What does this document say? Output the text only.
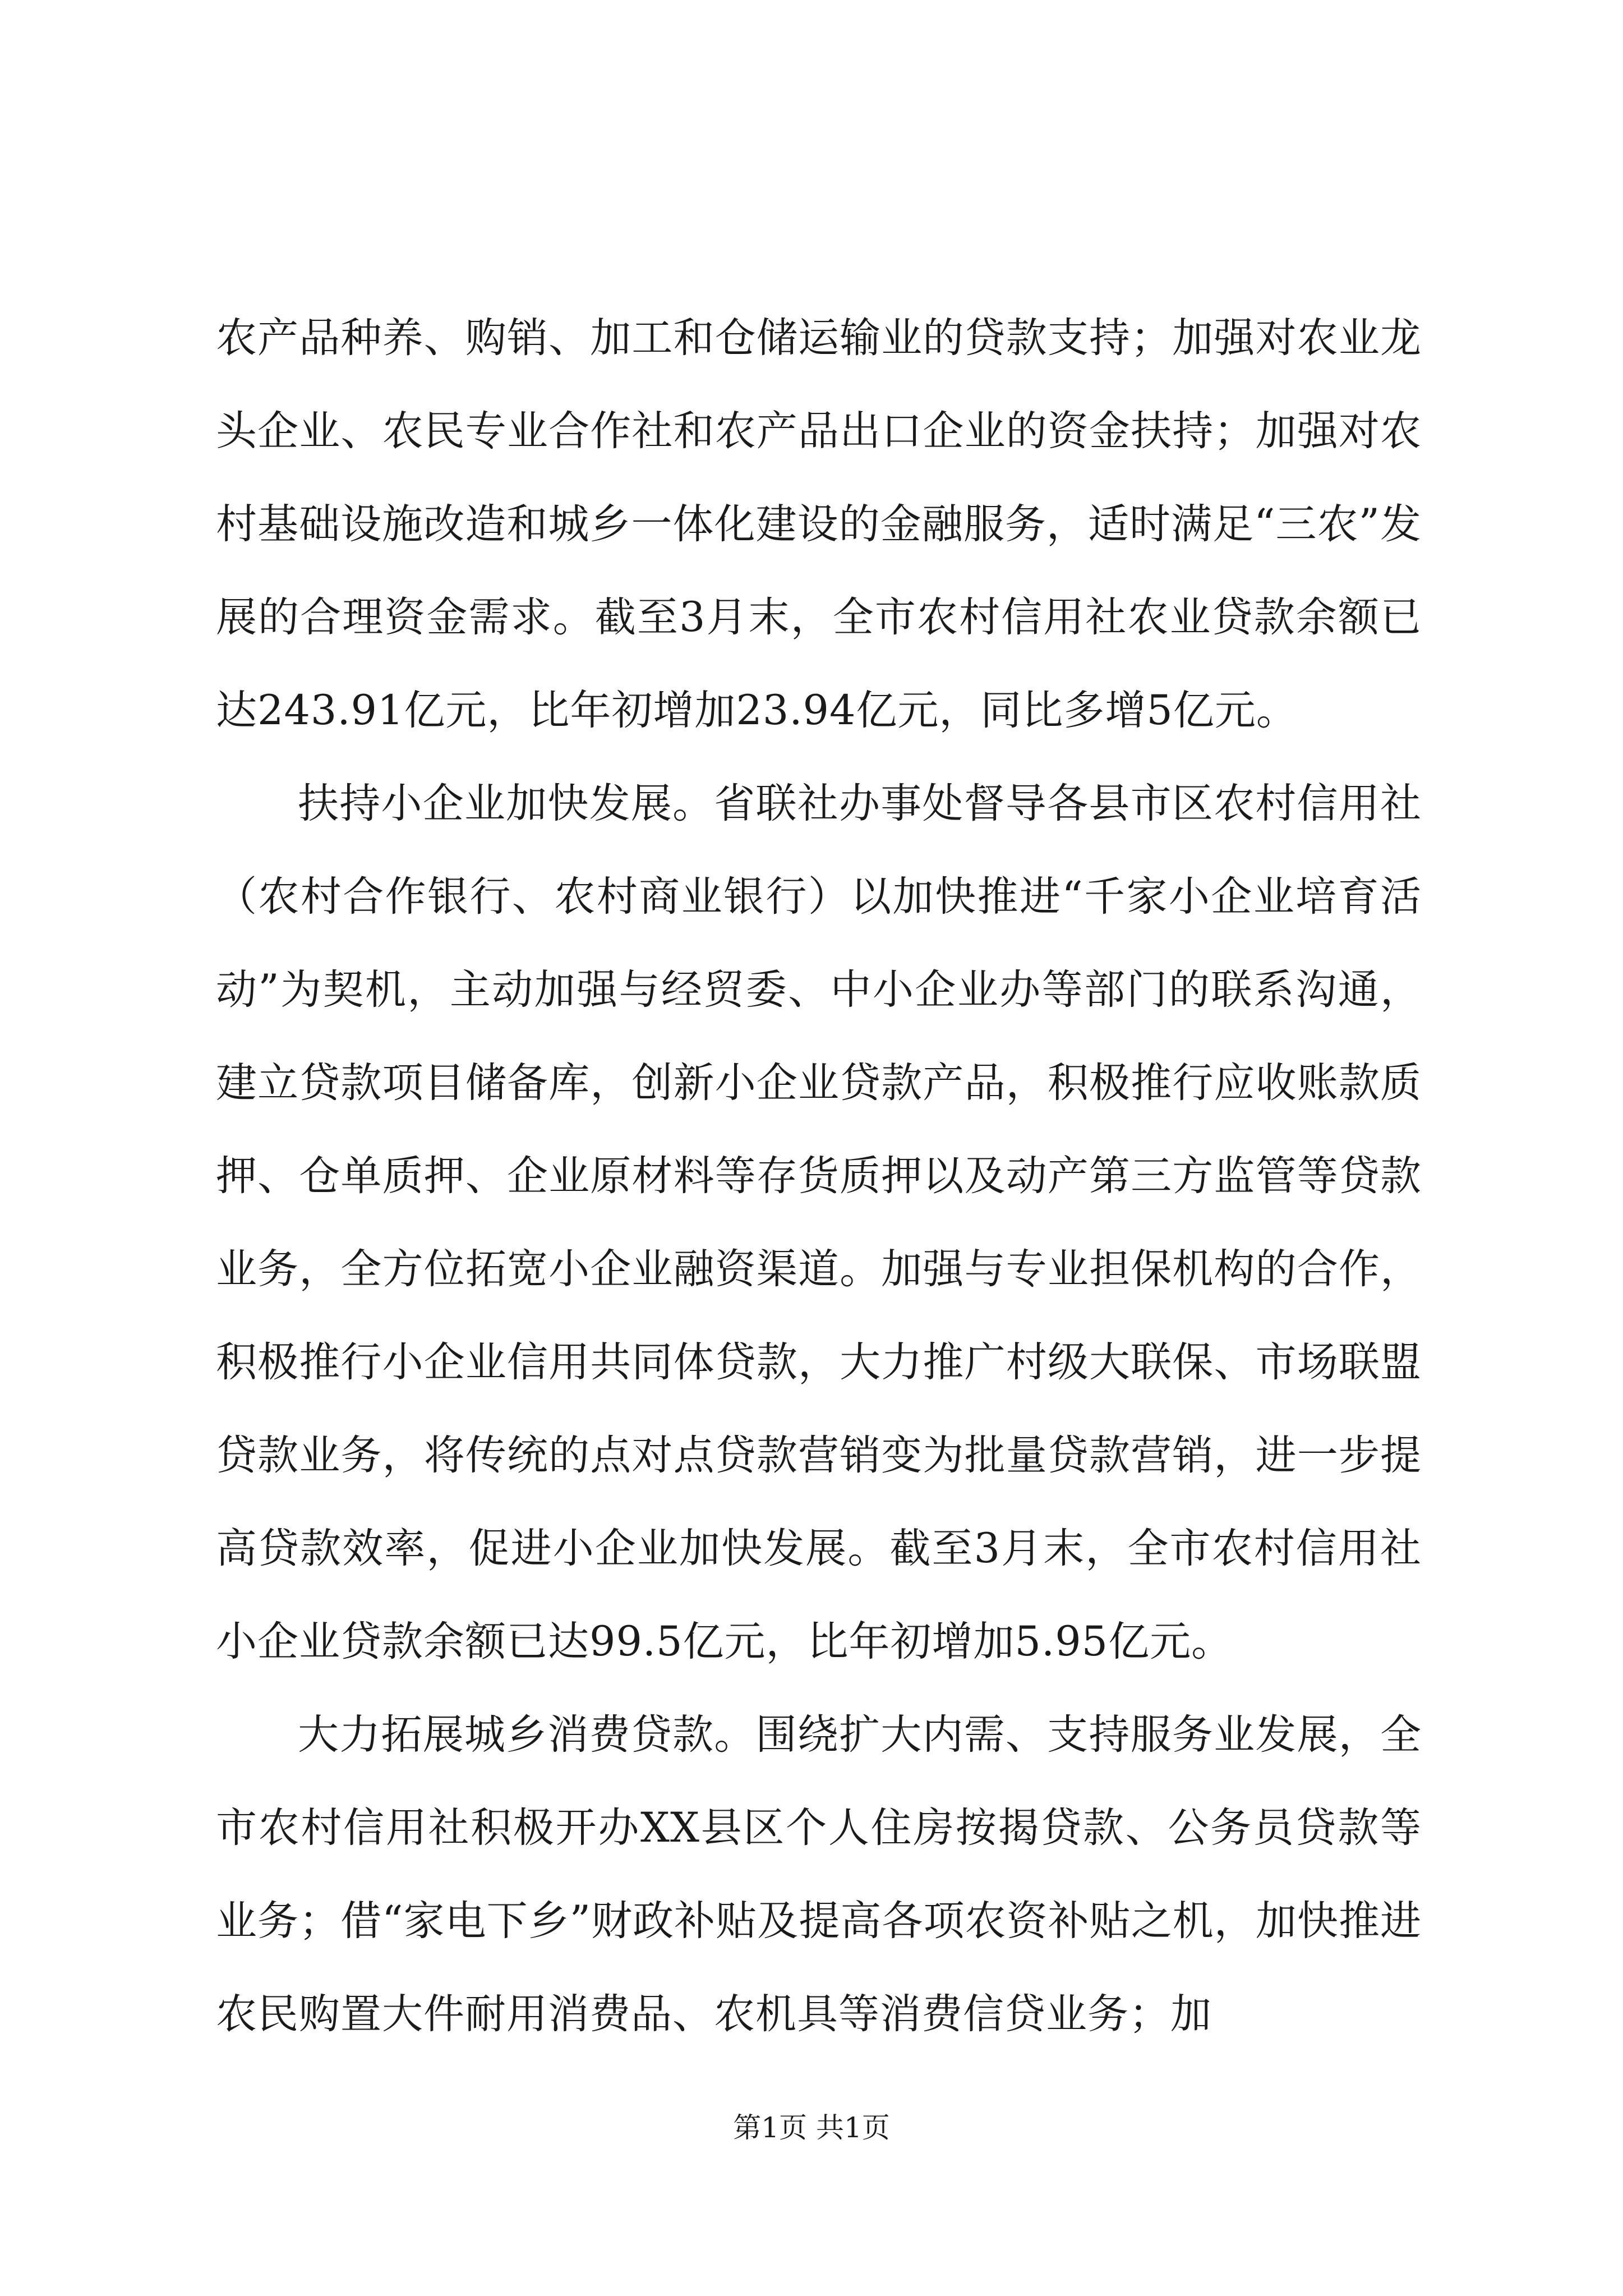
农产品种养、购销、加工和仓储运输业的贷款支持；加强对农业龙头企业、农民专业合作社和农产品出口企业的资金扶持；加强对农村基础设施改造和城乡一体化建设的金融服务，适时满足“三农”发展的合理资金需求。截至3月末，全市农村信用社农业贷款余额已达243.91亿元，比年初增加23.94亿元，同比多增5亿元。

扶持小企业加快发展。省联社办事处督导各县市区农村信用社（农村合作银行、农村商业银行）以加快推进“千家小企业培育活动”为契机，主动加强与经贸委、中小企业办等部门的联系沟通，建立贷款项目储备库，创新小企业贷款产品，积极推行应收账款质押、仓单质押、企业原材料等存货质押以及动产第三方监管等贷款业务，全方位拓宽小企业融资渠道。加强与专业担保机构的合作，积极推行小企业信用共同体贷款，大力推广村级大联保、市场联盟贷款业务，将传统的点对点贷款营销变为批量贷款营销，进一步提高贷款效率，促进小企业加快发展。截至3月末，全市农村信用社小企业贷款余额已达99.5亿元，比年初增加5.95亿元。

大力拓展城乡消费贷款。围绕扩大内需、支持服务业发展，全市农村信用社积极开办XX县区个人住房按揭贷款、公务员贷款等业务；借“家电下乡”财政补贴及提高各项农资补贴之机，加快推进农民购置大件耐用消费品、农机具等消费信贷业务；加

第1页 共1页
